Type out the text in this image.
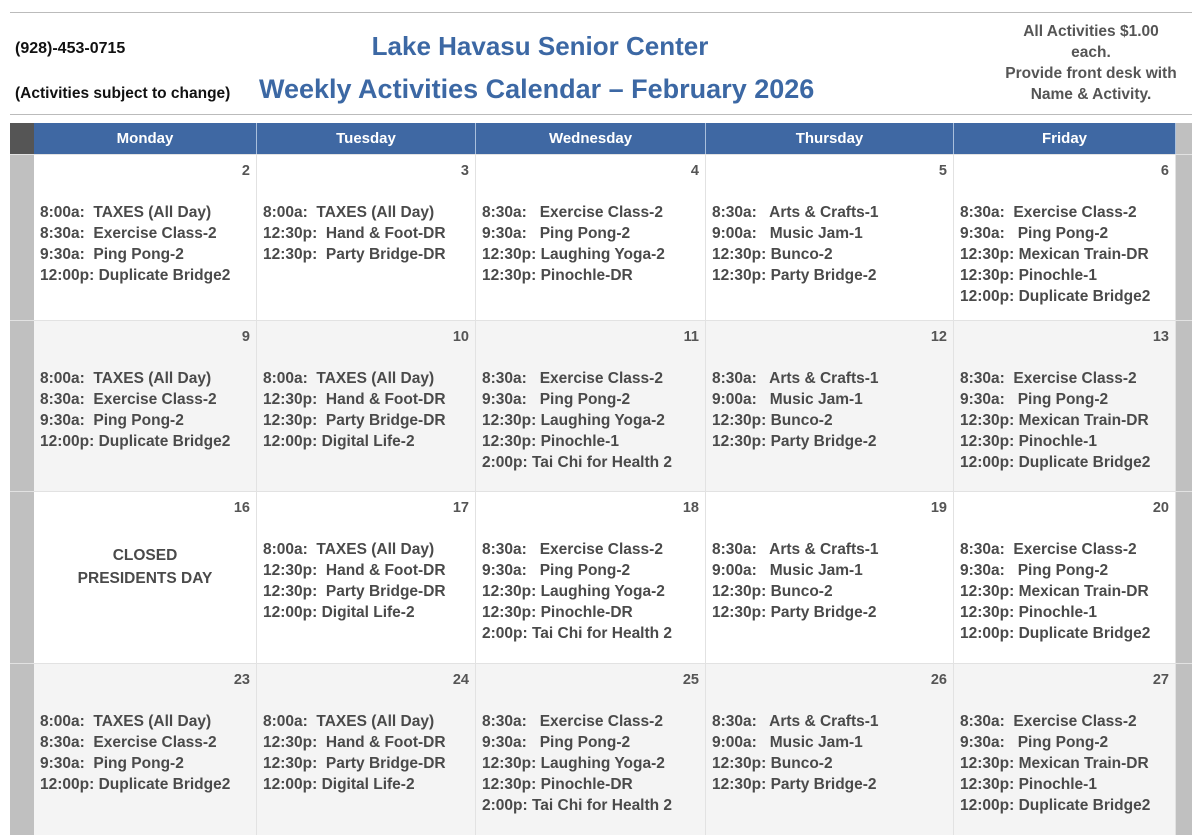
(928)-453-0715
(Activities subject to change)
Lake Havasu Senior Center
Weekly Activities Calendar – February 2026
All Activities $1.00
each.
Provide front desk with
Name & Activity.
Monday	Tuesday	Wednesday	Thursday	Friday
2
8:00a:  TAXES (All Day)
8:30a:  Exercise Class-2
9:30a:  Ping Pong-2
12:00p: Duplicate Bridge2
3
8:00a:  TAXES (All Day)
12:30p:  Hand & Foot-DR
12:30p:  Party Bridge-DR
4
8:30a:   Exercise Class-2
9:30a:   Ping Pong-2
12:30p: Laughing Yoga-2
12:30p: Pinochle-DR
5
8:30a:   Arts & Crafts-1
9:00a:   Music Jam-1
12:30p: Bunco-2
12:30p: Party Bridge-2
6
8:30a:  Exercise Class-2
9:30a:   Ping Pong-2
12:30p: Mexican Train-DR
12:30p: Pinochle-1
12:00p: Duplicate Bridge2
9
8:00a:  TAXES (All Day)
8:30a:  Exercise Class-2
9:30a:  Ping Pong-2
12:00p: Duplicate Bridge2
10
8:00a:  TAXES (All Day)
12:30p:  Hand & Foot-DR
12:30p:  Party Bridge-DR
12:00p: Digital Life-2
11
8:30a:   Exercise Class-2
9:30a:   Ping Pong-2
12:30p: Laughing Yoga-2
12:30p: Pinochle-1
2:00p: Tai Chi for Health 2
12
8:30a:   Arts & Crafts-1
9:00a:   Music Jam-1
12:30p: Bunco-2
12:30p: Party Bridge-2
13
8:30a:  Exercise Class-2
9:30a:   Ping Pong-2
12:30p: Mexican Train-DR
12:30p: Pinochle-1
12:00p: Duplicate Bridge2
16
CLOSED
PRESIDENTS DAY
17
8:00a:  TAXES (All Day)
12:30p:  Hand & Foot-DR
12:30p:  Party Bridge-DR
12:00p: Digital Life-2
18
8:30a:   Exercise Class-2
9:30a:   Ping Pong-2
12:30p: Laughing Yoga-2
12:30p: Pinochle-DR
2:00p: Tai Chi for Health 2
19
8:30a:   Arts & Crafts-1
9:00a:   Music Jam-1
12:30p: Bunco-2
12:30p: Party Bridge-2
20
8:30a:  Exercise Class-2
9:30a:   Ping Pong-2
12:30p: Mexican Train-DR
12:30p: Pinochle-1
12:00p: Duplicate Bridge2
23
8:00a:  TAXES (All Day)
8:30a:  Exercise Class-2
9:30a:  Ping Pong-2
12:00p: Duplicate Bridge2
24
8:00a:  TAXES (All Day)
12:30p:  Hand & Foot-DR
12:30p:  Party Bridge-DR
12:00p: Digital Life-2
25
8:30a:   Exercise Class-2
9:30a:   Ping Pong-2
12:30p: Laughing Yoga-2
12:30p: Pinochle-DR
2:00p: Tai Chi for Health 2
26
8:30a:   Arts & Crafts-1
9:00a:   Music Jam-1
12:30p: Bunco-2
12:30p: Party Bridge-2
27
8:30a:  Exercise Class-2
9:30a:   Ping Pong-2
12:30p: Mexican Train-DR
12:30p: Pinochle-1
12:00p: Duplicate Bridge2
